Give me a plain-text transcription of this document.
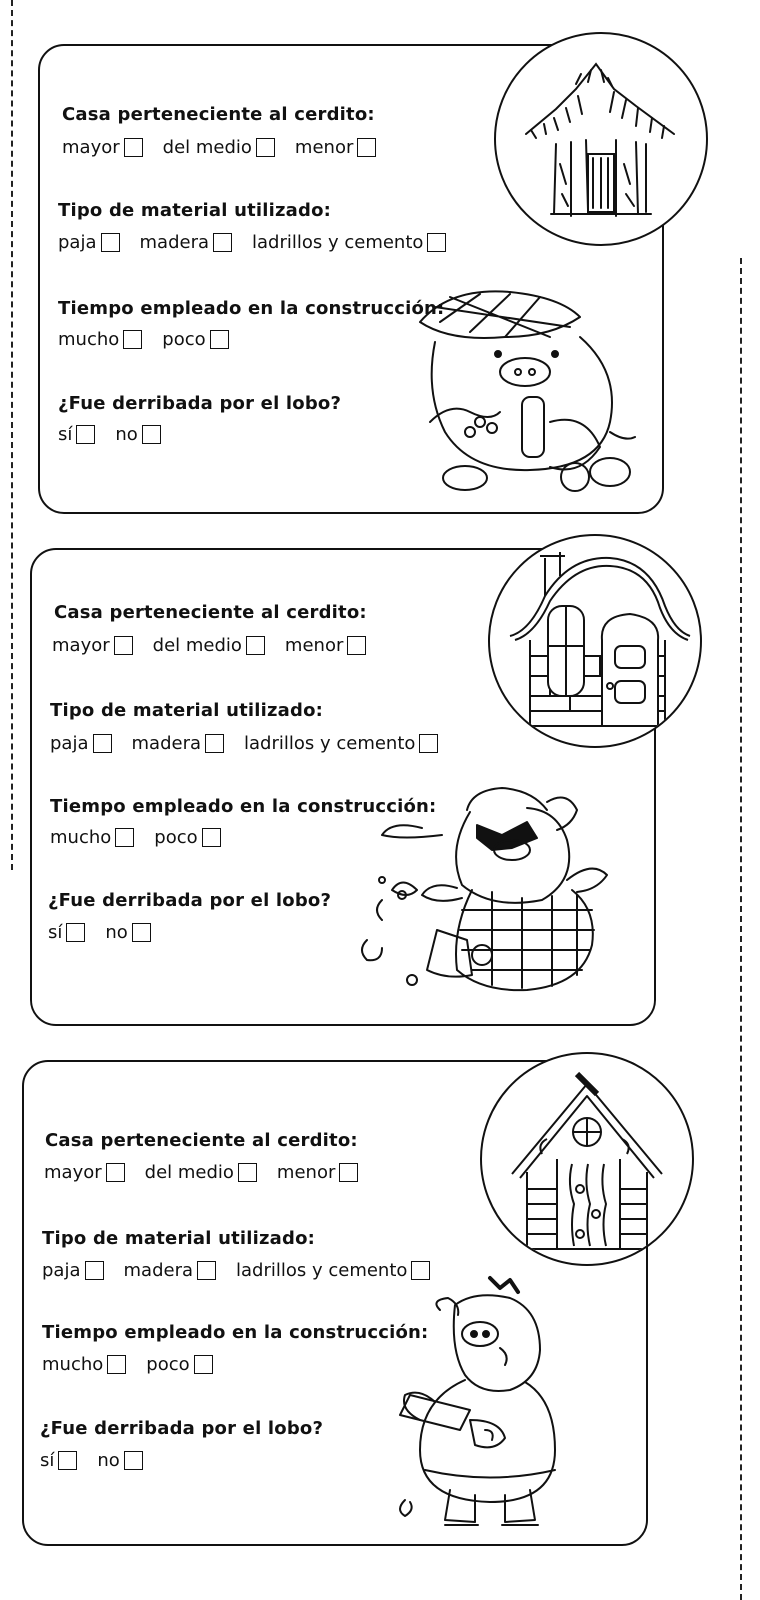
Casa perteneciente al cerdito:
mayor del medio menor
Tipo de material utilizado:
paja madera ladrillos y cemento
Tiempo empleado en la construcción:
mucho poco
¿Fue derribada por el lobo?
sí no
Casa perteneciente al cerdito:
mayor del medio menor
Tipo de material utilizado:
paja madera ladrillos y cemento
Tiempo empleado en la construcción:
mucho poco
¿Fue derribada por el lobo?
sí no
Casa perteneciente al cerdito:
mayor del medio menor
Tipo de material utilizado:
paja madera ladrillos y cemento
Tiempo empleado en la construcción:
mucho poco
¿Fue derribada por el lobo?
sí no
